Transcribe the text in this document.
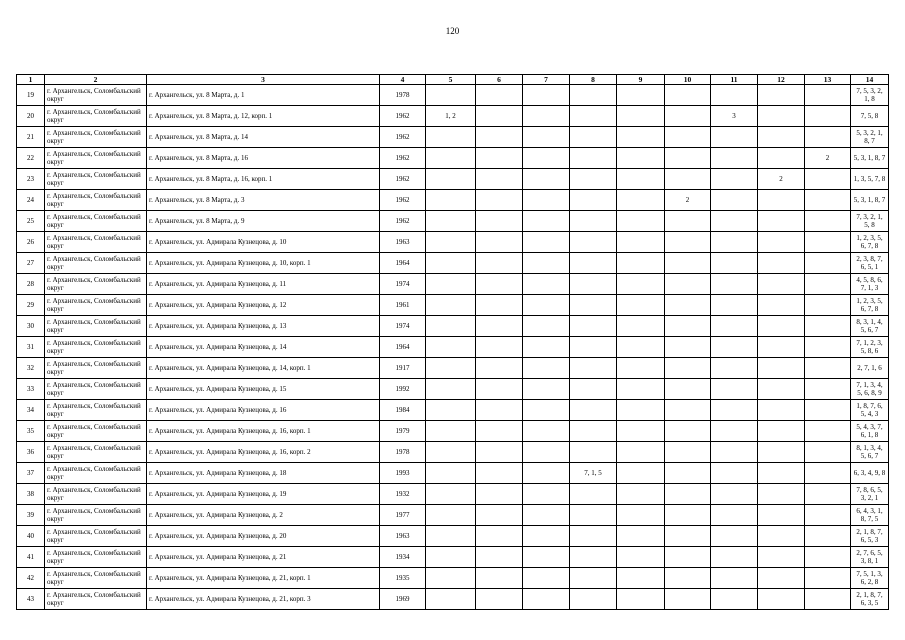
120
1	2	3	4	5	6	7	8	9	10	11	12	13	14
19	г. Архангельск, Соломбальский округ	г. Архангельск, ул. 8 Марта, д. 1	1978										7, 5, 3, 2, 1, 8
20	г. Архангельск, Соломбальский округ	г. Архангельск, ул. 8 Марта, д. 12, корп. 1	1962	1, 2						3			7, 5, 8
21	г. Архангельск, Соломбальский округ	г. Архангельск, ул. 8 Марта, д. 14	1962										5, 3, 2, 1, 8, 7
22	г. Архангельск, Соломбальский округ	г. Архангельск, ул. 8 Марта, д. 16	1962									2	5, 3, 1, 8, 7
23	г. Архангельск, Соломбальский округ	г. Архангельск, ул. 8 Марта, д. 16, корп. 1	1962								2		1, 3, 5, 7, 8
24	г. Архангельск, Соломбальский округ	г. Архангельск, ул. 8 Марта, д. 3	1962						2				5, 3, 1, 8, 7
25	г. Архангельск, Соломбальский округ	г. Архангельск, ул. 8 Марта, д. 9	1962										7, 3, 2, 1, 5, 8
26	г. Архангельск, Соломбальский округ	г. Архангельск, ул. Адмирала Кузнецова, д. 10	1963										1, 2, 3, 5, 6, 7, 8
27	г. Архангельск, Соломбальский округ	г. Архангельск, ул. Адмирала Кузнецова, д. 10, корп. 1	1964										2, 3, 8, 7, 6, 5, 1
28	г. Архангельск, Соломбальский округ	г. Архангельск, ул. Адмирала Кузнецова, д. 11	1974										4, 5, 8, 6, 7, 1, 3
29	г. Архангельск, Соломбальский округ	г. Архангельск, ул. Адмирала Кузнецова, д. 12	1961										1, 2, 3, 5, 6, 7, 8
30	г. Архангельск, Соломбальский округ	г. Архангельск, ул. Адмирала Кузнецова, д. 13	1974										8, 3, 1, 4, 5, 6, 7
31	г. Архангельск, Соломбальский округ	г. Архангельск, ул. Адмирала Кузнецова, д. 14	1964										7, 1, 2, 3, 5, 8, 6
32	г. Архангельск, Соломбальский округ	г. Архангельск, ул. Адмирала Кузнецова, д. 14, корп. 1	1917										2, 7, 1, 6
33	г. Архангельск, Соломбальский округ	г. Архангельск, ул. Адмирала Кузнецова, д. 15	1992										7, 1, 3, 4, 5, 6, 8, 9
34	г. Архангельск, Соломбальский округ	г. Архангельск, ул. Адмирала Кузнецова, д. 16	1984										1, 8, 7, 6, 5, 4, 3
35	г. Архангельск, Соломбальский округ	г. Архангельск, ул. Адмирала Кузнецова, д. 16, корп. 1	1979										5, 4, 3, 7, 6, 1, 8
36	г. Архангельск, Соломбальский округ	г. Архангельск, ул. Адмирала Кузнецова, д. 16, корп. 2	1978										8, 1, 3, 4, 5, 6, 7
37	г. Архангельск, Соломбальский округ	г. Архангельск, ул. Адмирала Кузнецова, д. 18	1993				7, 1, 5						6, 3, 4, 9, 8
38	г. Архангельск, Соломбальский округ	г. Архангельск, ул. Адмирала Кузнецова, д. 19	1932										7, 8, 6, 5, 3, 2, 1
39	г. Архангельск, Соломбальский округ	г. Архангельск, ул. Адмирала Кузнецова, д. 2	1977										6, 4, 3, 1, 8, 7, 5
40	г. Архангельск, Соломбальский округ	г. Архангельск, ул. Адмирала Кузнецова, д. 20	1963										2, 1, 8, 7, 6, 5, 3
41	г. Архангельск, Соломбальский округ	г. Архангельск, ул. Адмирала Кузнецова, д. 21	1934										2, 7, 6, 5, 3, 8, 1
42	г. Архангельск, Соломбальский округ	г. Архангельск, ул. Адмирала Кузнецова, д. 21, корп. 1	1935										7, 5, 1, 3, 6, 2, 8
43	г. Архангельск, Соломбальский округ	г. Архангельск, ул. Адмирала Кузнецова, д. 21, корп. 3	1969										2, 1, 8, 7, 6, 3, 5
